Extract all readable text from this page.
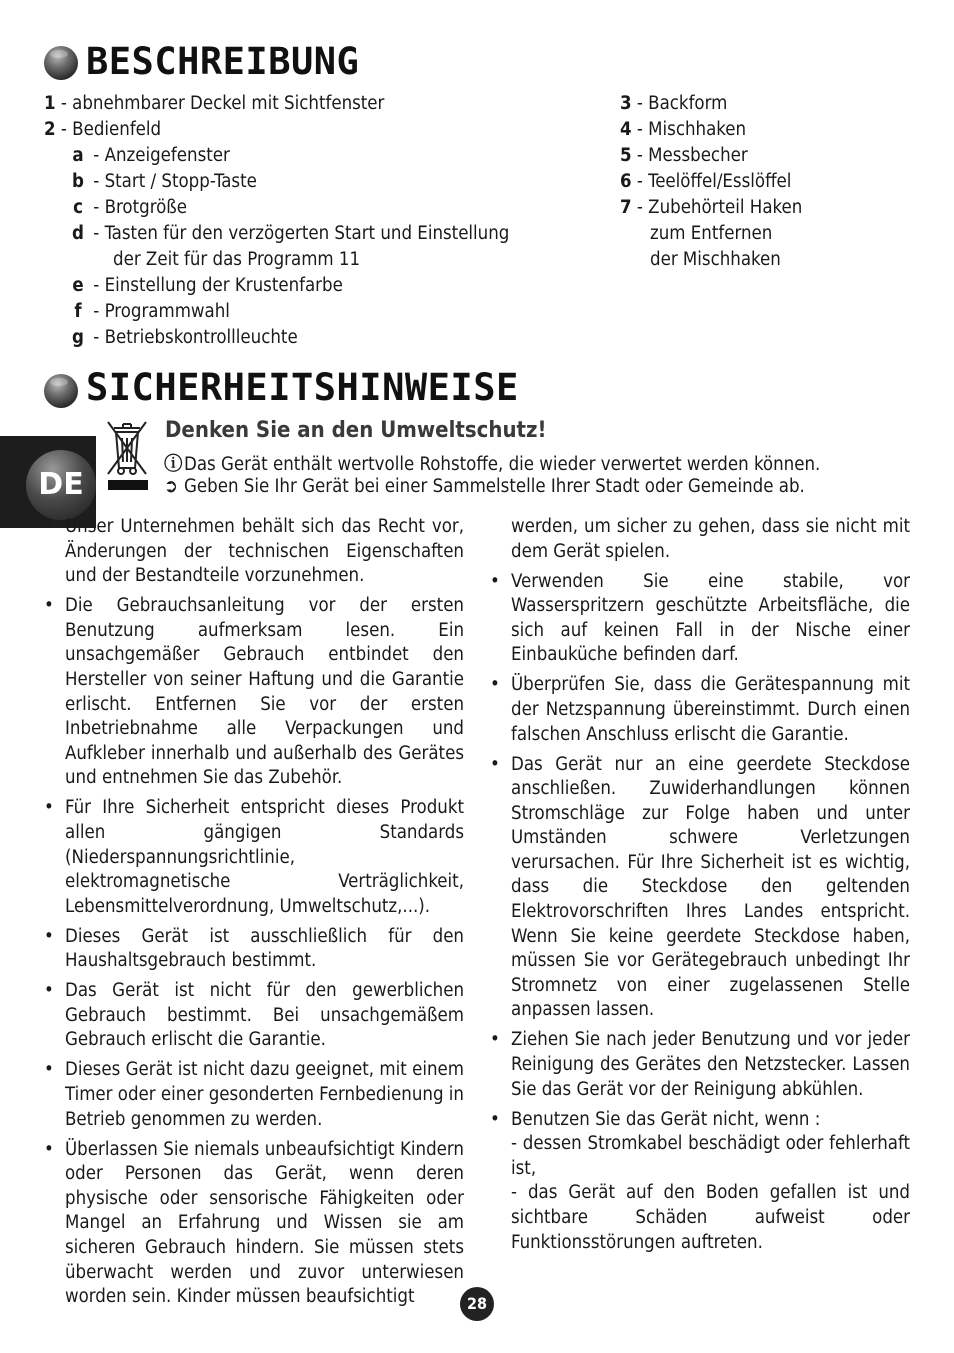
BESCHREIBUNG
1 - abnehmbarer Deckel mit Sichtfenster
2 - Bedienfeld
a - Anzeigefenster
b - Start / Stopp-Taste
c - Brotgröße
d - Tasten für den verzögerten Start und Einstellung
der Zeit für das Programm 11
e - Einstellung der Krustenfarbe
f - Programmwahl
g - Betriebskontrollleuchte
3 - Backform
4 - Mischhaken
5 - Messbecher
6 - Teelöffel/Esslöffel
7 - Zubehörteil Haken
zum Entfernen
der Mischhaken
SICHERHEITSHINWEISE
DE
Denken Sie an den Umweltschutz!
ⓘDas Gerät enthält wertvolle Rohstoffe, die wieder verwertet werden können.
➲ Geben Sie Ihr Gerät bei einer Sammelstelle Ihrer Stadt oder Gemeinde ab.
• Unser Unternehmen behält sich das Recht vor, Änderungen der technischen Eigenschaften und der Bestandteile vorzunehmen.
• Die Gebrauchsanleitung vor der ersten Benutzung aufmerksam lesen. Ein unsachgemäßer Gebrauch entbindet den Hersteller von seiner Haftung und die Garantie erlischt. Entfernen Sie vor der ersten Inbetriebnahme alle Verpackungen und Aufkleber innerhalb und außerhalb des Gerätes und entnehmen Sie das Zubehör.
• Für Ihre Sicherheit entspricht dieses Produkt allen gängigen Standards (Niederspannungsrichtlinie, elektromagnetische Verträglichkeit, Lebensmittelverordnung, Umweltschutz,...).
• Dieses Gerät ist ausschließlich für den Haushaltsgebrauch bestimmt.
• Das Gerät ist nicht für den gewerblichen Gebrauch bestimmt. Bei unsachgemäßem Gebrauch erlischt die Garantie.
• Dieses Gerät ist nicht dazu geeignet, mit einem Timer oder einer gesonderten Fernbedienung in Betrieb genommen zu werden.
• Überlassen Sie niemals unbeaufsichtigt Kindern oder Personen das Gerät, wenn deren physische oder sensorische Fähigkeiten oder Mangel an Erfahrung und Wissen sie am sicheren Gebrauch hindern. Sie müssen stets überwacht werden und zuvor unterwiesen worden sein. Kinder müssen beaufsichtigt
werden, um sicher zu gehen, dass sie nicht mit dem Gerät spielen.
• Verwenden Sie eine stabile, vor Wasserspritzern geschützte Arbeitsfläche, die sich auf keinen Fall in der Nische einer Einbauküche befinden darf.
• Überprüfen Sie, dass die Gerätespannung mit der Netzspannung übereinstimmt. Durch einen falschen Anschluss erlischt die Garantie.
• Das Gerät nur an eine geerdete Steckdose anschließen. Zuwiderhandlungen können Stromschläge zur Folge haben und unter Umständen schwere Verletzungen verursachen. Für Ihre Sicherheit ist es wichtig, dass die Steckdose den geltenden Elektrovorschriften Ihres Landes entspricht. Wenn Sie keine geerdete Steckdose haben, müssen Sie vor Gerätegebrauch unbedingt Ihr Stromnetz von einer zugelassenen Stelle anpassen lassen.
• Ziehen Sie nach jeder Benutzung und vor jeder Reinigung des Gerätes den Netzstecker. Lassen Sie das Gerät vor der Reinigung abkühlen.
• Benutzen Sie das Gerät nicht, wenn :
- dessen Stromkabel beschädigt oder fehlerhaft ist,
- das Gerät auf den Boden gefallen ist und sichtbare Schäden aufweist oder Funktionsstörungen auftreten.
28
